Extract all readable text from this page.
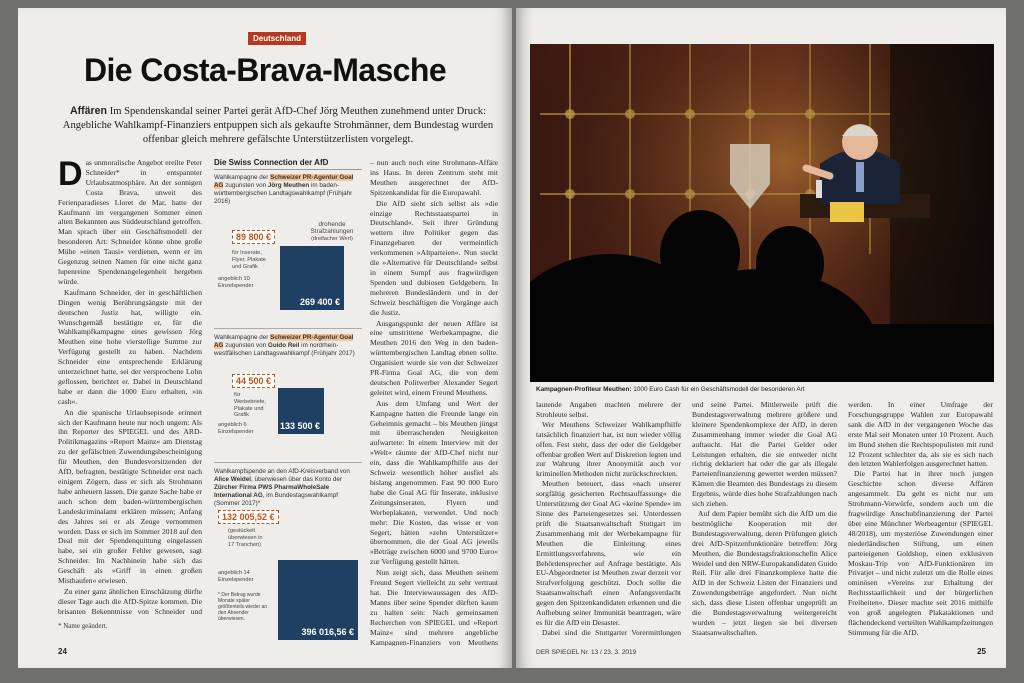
Deutschland
Die Costa-Brava-Masche
Affären Im Spendenskandal seiner Partei gerät AfD-Chef Jörg Meuthen zunehmend unter Druck: Angebliche Wahlkampf-Finanziers entpuppen sich als gekaufte Strohmänner, dem Bundestag wurden offenbar gleich mehrere gefälschte Unterstützerlisten vorgelegt.

Das unmoralische Angebot ereilte Peter Schneider* in entspannter Urlaubsatmosphäre. An der sonnigen Costa Brava, unweit des Ferienparadieses Lloret de Mar, hatte der Kaufmann im vergangenen Sommer einen alten Bekannten aus Süddeutschland getroffen. Man sprach über ein Geschäftsmodell der besonderen Art: Schneider könne ohne große Mühe »einen Tausi« verdienen, wenn er im Gegenzug seinen Namen für eine nicht ganz lupenreine Spendenangelegenheit hergeben würde.

Kaufmann Schneider, der in geschäftlichen Dingen wenig Berührungsängste mit der deutschen Justiz hat, willigte ein. Wunschgemäß bestätigte er, für die Wahlkampfkampagne eines gewissen Jörg Meuthen eine hohe vierstellige Summe zur Verfügung gestellt zu haben. Nachdem Schneider eine entsprechende Erklärung unterzeichnet hatte, sei der versprochene Lohn geflossen, berichtet er. Dabei in Deutschland habe er dann die 1000 Euro erhalten, »in cash«.

An die spanische Urlaubsepisode erinnert sich der Kaufmann heute nur noch ungern: Als ihn Reporter des SPIEGEL und des ARD-Politikmagazins »Report Mainz« am Dienstag zu der gefälschten Zuwendungsbescheinigung für Meuthen, den Bundesvorsitzenden der AfD, befragten, bestätigte Schneider erst nach einigem Zögern, dass er sich als Strohmann habe anheuern lassen. Die ganze Sache habe er auch schon dem baden-württembergischen Landeskriminalamt erklären müssen; Anfang des Jahres sei er als Zeuge vernommen worden. Dass er sich im Sommer 2018 auf den Deal mit der Spendenquittung eingelassen habe, sei ein großer Fehler gewesen, sagt Schneider. Im Nachhinein habe sich das Geschäft als »Griff in einen großen Misthaufen« erwiesen.

Zu einer ganz ähnlichen Einschätzung dürfte dieser Tage auch die AfD-Spitze kommen. Die brisanten Bekenntnisse von Schneider und

* Name geändert.
Die Swiss Connection der AfD
Wahlkampagne der Schweizer PR-Agentur Goal AG zugunsten von Jörg Meuthen im baden-württembergischen Landtagswahlkampf (Frühjahr 2016)
89 800 €
für Inserate, Flyer, Plakate und Grafik
angeblich 10 Einzelspender
drohende Strafzahlungen
(dreifacher Wert)
269 400 €
Wahlkampagne der Schweizer PR-Agentur Goal AG zugunsten von Guido Reil im nordrhein-westfälischen Landtagswahlkampf (Frühjahr 2017)
44 500 €
für Werbebriefe, Plakate und Grafik
angeblich 6 Einzelspender
133 500 €
Wahlkampfspende an den AfD-Kreisverband von Alice Weidel, überwiesen über das Konto der Zürcher Firma PWS PharmaWholeSale International AG, im Bundestagswahlkampf (Sommer 2017)*
132 005,52 €
(gestückelt überwiesen in 17 Tranchen)
angeblich 14 Einzelspender
* Der Betrag wurde Monate später größtenteils wieder an den Absender überwiesen.
396 016,56 €

– nun auch noch eine Strohmann-Affäre ins Haus. In deren Zentrum steht mit Meuthen ausgerechnet der AfD-Spitzenkandidat für die Europawahl.

Die AfD sieht sich selbst als »die einzige Rechtsstaatspartei in Deutschland«. Seit ihrer Gründung wettern ihre Politiker gegen das Finanzgebaren der vermeintlich verkommenen »Altparteien«. Nun steckt die »Alternative für Deutschland« selbst in einem Sumpf aus fragwürdigen Spenden und dubiosen Geldgebern. In mehreren Bundesländern und in der Schweiz beschäftigen die Vorgänge auch die Justiz.

Ausgangspunkt der neuen Affäre ist eine umstrittene Werbekampagne, die Meuthen 2016 den Weg in den baden-württembergischen Landtag ebnen sollte. Organisiert wurde sie von der Schweizer PR-Firma Goal AG, die von dem deutschen Politwerber Alexander Segert geleitet wird, einem Freund Meuthens.

Aus dem Umfang und Wert der Kampagne hatten die Freunde lange ein Geheimnis gemacht – bis Meuthen jüngst mit überraschenden Neuigkeiten aufwartete: In einem Interview mit der »Welt« räumte der AfD-Chef nicht nur ein, dass die Wahlkampfhilfe aus der Schweiz wesentlich höher ausfiel als bislang angenommen. Fast 90 000 Euro habe die Goal AG für Inserate, inklusive Zeitungsinseraten, Flyern und Werbeplakaten, verwendet. Und noch mehr: Die Kosten, das wisse er von Segert, hätten »zehn Unterstützer« übernommen, die der Goal AG jeweils »Beträge zwischen 6000 und 9700 Euro« zur Verfügung gestellt hätten.

Nun zeigt sich, dass Meuthen seinem Freund Segert vielleicht zu sehr vertraut hat. Die Interviewaussagen des AfD-Manns über seine Spender dürften kaum zu halten sein: Nach gemeinsamen Recherchen von SPIEGEL und »Report Mainz« sind mehrere angebliche Kampagnen-Finanziers von Meuthens

24
Kampagnen-Profiteur Meuthen: 1000 Euro Cash für ein Geschäftsmodell der besonderen Art

lautende Angaben machten mehrere der Strohleute selbst.

Wer Meuthens Schweizer Wahlkampfhilfe tatsächlich finanziert hat, ist nun wieder völlig offen. Fest steht, dass der oder die Geldgeber offenbar großen Wert auf Diskretion legten und zur Wahrung ihrer Anonymität auch vor kriminellen Methoden nicht zurückschreckten.

Meuthen beteuert, dass »nach unserer sorgfältig gesicherten Rechtsauffassung« die Unterstützung der Goal AG »keine Spende« im Sinne des Parteiengesetzes sei. Unterdessen prüft die Staatsanwaltschaft Stuttgart im Zusammenhang mit der Werbekampagne für Meuthen die Einleitung eines Ermittlungsverfahrens, wie ein Behördensprecher auf Anfrage bestätigte. Als EU-Abgeordneter ist Meuthen zwar derzeit vor Strafverfolgung geschützt. Doch sollte die Staatsanwaltschaft einen Anfangsverdacht gegen den Spitzenkandidaten erkennen und die Aufhebung seiner Immunität beantragen, wäre es für die AfD ein Desaster.

Dabei sind die Stuttgarter Vorermittlungen

und seine Partei. Mittlerweile prüft die Bundestagsverwaltung mehrere größere und kleinere Spendenkomplexe der AfD, in deren Zusammenhang immer wieder die Goal AG auftaucht. Hat die Partei Gelder oder Leistungen erhalten, die sie entweder nicht richtig deklariert hat oder die gar als illegale Parteienfinanzierung gewertet werden müssen? Kämen die Beamten des Bundestags zu diesem Ergebnis, würde dies hohe Strafzahlungen nach sich ziehen.

Auf dem Papier bemüht sich die AfD um die bestmögliche Kooperation mit der Bundestagsverwaltung, deren Prüfungen gleich drei AfD-Spitzenfunktionäre betreffen: Jörg Meuthen, die Bundestagsfraktionschefin Alice Weidel und den NRW-Europakandidaten Guido Reil. Für alle drei Finanzkomplexe hatte die AfD in der Schweiz Listen der Finanziers und Zuwendungsbeträge angefordert. Nun nicht sich, dass diese Listen offenbar ungeprüft an die Bundestagsverwaltung weitergereicht wurden – jetzt liegen sie bei diversen Staatsanwaltschaften.

werden. In einer Umfrage der Forschungsgruppe Wahlen zur Europawahl sank die AfD in der vergangenen Woche das erste Mal seit Monaten unter 10 Prozent. Auch im Bund stehen die Rechtspopulisten mit rund 12 Prozent schlechter da, als sie es sich nach den letzten Wahlerfolgen ausgerechnet hatten.

Die Partei hat in ihrer noch jungen Geschichte schon diverse Affären angesammelt. Da geht es nicht nur um Strohmann-Vorwürfe, sondern auch um die fragwürdige Anschubfinanzierung der Partei über eine Münchner Werbeagentur (SPIEGEL 48/2018), um mysteriöse Zuwendungen einer niederländischen Stiftung, um einen parteieigenen Goldshop, einen exklusiven Moskau-Trip von AfD-Funktionären im Privatjet – und nicht zuletzt um die Rolle eines ominösen »Vereins zur Erhaltung der Rechtsstaatlichkeit und der bürgerlichen Freiheiten«. Dieser machte seit 2016 mithilfe von groß angelegten Plakataktionen und flächendeckend verteilten Wahlkampfzeitungen Stimmung für die AfD.

DER SPIEGEL Nr. 13 / 23. 3. 2019	25
